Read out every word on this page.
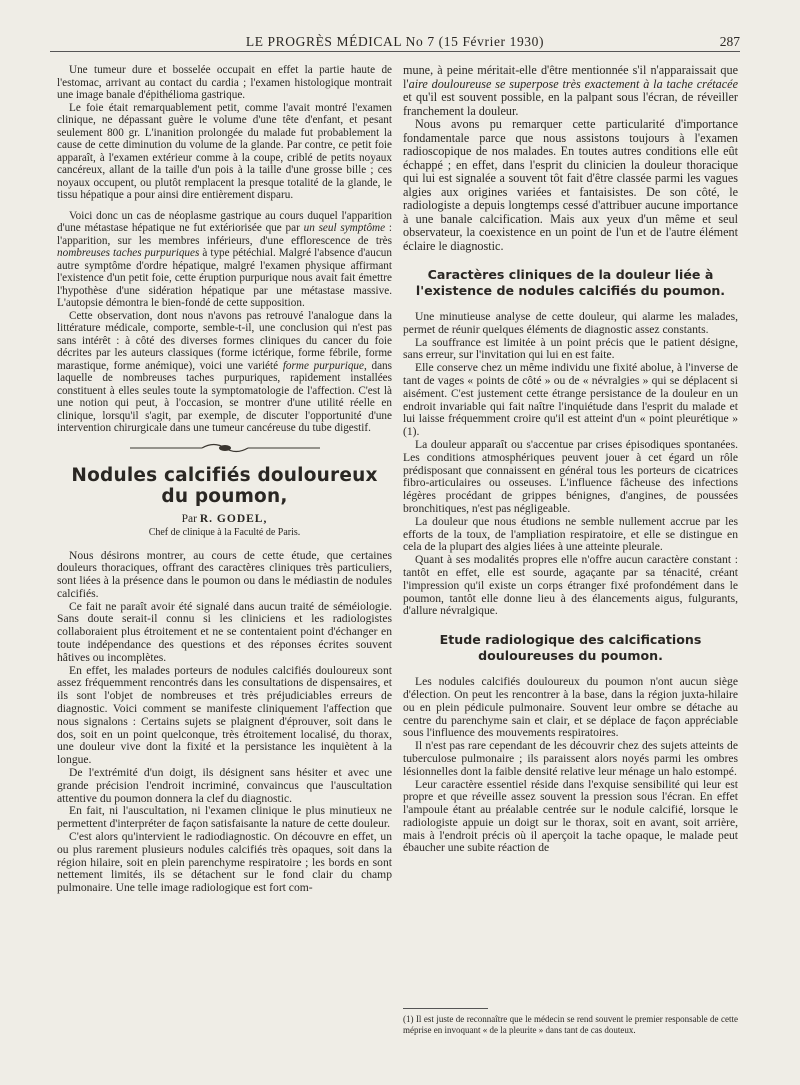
LE PROGRÈS MÉDICAL No 7 (15 Février 1930)	287

Une tumeur dure et bosselée occupait en effet la partie haute de l'estomac, arrivant au contact du cardia ; l'examen histologique montrait une image banale d'épithélioma gastrique.

Le foie était remarquablement petit, comme l'avait montré l'examen clinique, ne dépassant guère le volume d'une tête d'enfant, et pesant seulement 800 gr. L'inanition prolongée du malade fut probablement la cause de cette diminution du volume de la glande. Par contre, ce petit foie apparaît, à l'examen extérieur comme à la coupe, criblé de petits noyaux cancéreux, allant de la taille d'un pois à la taille d'une grosse bille ; ces noyaux occupent, ou plutôt remplacent la presque totalité de la glande, le tissu hépatique a pour ainsi dire entièrement disparu.

Voici donc un cas de néoplasme gastrique au cours duquel l'apparition d'une métastase hépatique ne fut extériorisée que par un seul symptôme : l'apparition, sur les membres inférieurs, d'une efflorescence de très nombreuses taches purpuriques à type pétéchial. Malgré l'absence d'aucun autre symptôme d'ordre hépatique, malgré l'examen physique affirmant l'existence d'un petit foie, cette éruption purpurique nous avait fait émettre l'hypothèse d'une sidération hépatique par une métastase massive. L'autopsie démontra le bien-fondé de cette supposition.

Cette observation, dont nous n'avons pas retrouvé l'analogue dans la littérature médicale, comporte, semble-t-il, une conclusion qui n'est pas sans intérêt : à côté des diverses formes cliniques du cancer du foie décrites par les auteurs classiques (forme ictérique, forme fébrile, forme marastique, forme anémique), voici une variété forme purpurique, dans laquelle de nombreuses taches purpuriques, rapidement installées constituent à elles seules toute la symptomatologie de l'affection. C'est là une notion qui peut, à l'occasion, se montrer d'une utilité réelle en clinique, lorsqu'il s'agit, par exemple, de discuter l'opportunité d'une intervention chirurgicale dans une tumeur cancéreuse du tube digestif.

Nodules calcifiés douloureux du poumon,
Par R. GODEL,
Chef de clinique à la Faculté de Paris.

Nous désirons montrer, au cours de cette étude, que certaines douleurs thoraciques, offrant des caractères cliniques très particuliers, sont liées à la présence dans le poumon ou dans le médiastin de nodules calcifiés.

Ce fait ne paraît avoir été signalé dans aucun traité de séméiologie. Sans doute serait-il connu si les cliniciens et les radiologistes collaboraient plus étroitement et ne se contentaient point d'échanger en toute indépendance des questions et des réponses écrites souvent hâtives ou incomplètes.

En effet, les malades porteurs de nodules calcifiés douloureux sont assez fréquemment rencontrés dans les consultations de dispensaires, et ils sont l'objet de nombreuses et très préjudiciables erreurs de diagnostic. Voici comment se manifeste cliniquement l'affection que nous signalons : Certains sujets se plaignent d'éprouver, soit dans le dos, soit en un point quelconque, très étroitement localisé, du thorax, une douleur vive dont la fixité et la persistance les inquiètent à la longue.

De l'extrémité d'un doigt, ils désignent sans hésiter et avec une grande précision l'endroit incriminé, convaincus que l'auscultation attentive du poumon donnera la clef du diagnostic.

En fait, ni l'auscultation, ni l'examen clinique le plus minutieux ne permettent d'interpréter de façon satisfaisante la nature de cette douleur.

C'est alors qu'intervient le radiodiagnostic. On découvre en effet, un ou plus rarement plusieurs nodules calcifiés très opaques, soit dans la région hilaire, soit en plein parenchyme respiratoire ; les bords en sont nettement limités, ils se détachent sur le fond clair du champ pulmonaire. Une telle image radiologique est fort com-

mune, à peine méritait-elle d'être mentionnée s'il n'apparaissait que l'aire douloureuse se superpose très exactement à la tache crétacée et qu'il est souvent possible, en la palpant sous l'écran, de réveiller franchement la douleur.

Nous avons pu remarquer cette particularité d'importance fondamentale parce que nous assistons toujours à l'examen radioscopique de nos malades. En toutes autres conditions elle eût échappé ; en effet, dans l'esprit du clinicien la douleur thoracique qui lui est signalée a souvent tôt fait d'être classée parmi les vagues algies aux origines variées et fantaisistes. De son côté, le radiologiste a depuis longtemps cessé d'attribuer aucune importance à une banale calcification. Mais aux yeux d'un même et seul observateur, la coexistence en un point de l'un et de l'autre élément éclaire le diagnostic.

Caractères cliniques de la douleur liée à l'existence de nodules calcifiés du poumon.

Une minutieuse analyse de cette douleur, qui alarme les malades, permet de réunir quelques éléments de diagnostic assez constants.

La souffrance est limitée à un point précis que le patient désigne, sans erreur, sur l'invitation qui lui en est faite.

Elle conserve chez un même individu une fixité abolue, à l'inverse de tant de vages « points de côté » ou de « névralgies » qui se déplacent si aisément. C'est justement cette étrange persistance de la douleur en un endroit invariable qui fait naître l'inquiétude dans l'esprit du malade et lui laisse fréquemment croire qu'il est atteint d'un « point pleurétique » (1).

La douleur apparaît ou s'accentue par crises épisodiques spontanées. Les conditions atmosphériques peuvent jouer à cet égard un rôle prédisposant que connaissent en général tous les porteurs de cicatrices fibro-articulaires ou osseuses. L'influence fâcheuse des infections légères procédant de grippes bénignes, d'angines, de poussées bronchitiques, n'est pas négligeable.

La douleur que nous étudions ne semble nullement accrue par les efforts de la toux, de l'ampliation respiratoire, et elle se distingue en cela de la plupart des algies liées à une atteinte pleurale.

Quant à ses modalités propres elle n'offre aucun caractère constant : tantôt en effet, elle est sourde, agaçante par sa ténacité, créant l'impression qu'il existe un corps étranger fixé profondément dans le poumon, tantôt elle donne lieu à des élancements aigus, fulgurants, d'allure névralgique.

Etude radiologique des calcifications douloureuses du poumon.

Les nodules calcifiés douloureux du poumon n'ont aucun siège d'élection. On peut les rencontrer à la base, dans la région juxta-hilaire ou en plein pédicule pulmonaire. Souvent leur ombre se détache au centre du parenchyme sain et clair, et se déplace de façon appréciable sous l'influence des mouvements respiratoires.

Il n'est pas rare cependant de les découvrir chez des sujets atteints de tuberculose pulmonaire ; ils paraissent alors noyés parmi les ombres lésionnelles dont la faible densité relative leur ménage un halo estompé.

Leur caractère essentiel réside dans l'exquise sensibilité qui leur est propre et que réveille assez souvent la pression sous l'écran. En effet l'ampoule étant au préalable centrée sur le nodule calcifié, lorsque le radiologiste appuie un doigt sur le thorax, soit en avant, soit arrière, mais à l'endroit précis où il aperçoit la tache opaque, le malade peut ébaucher une subite réaction de

(1) Il est juste de reconnaître que le médecin se rend souvent le premier responsable de cette méprise en invoquant « de la pleurite » dans tant de cas douteux.
